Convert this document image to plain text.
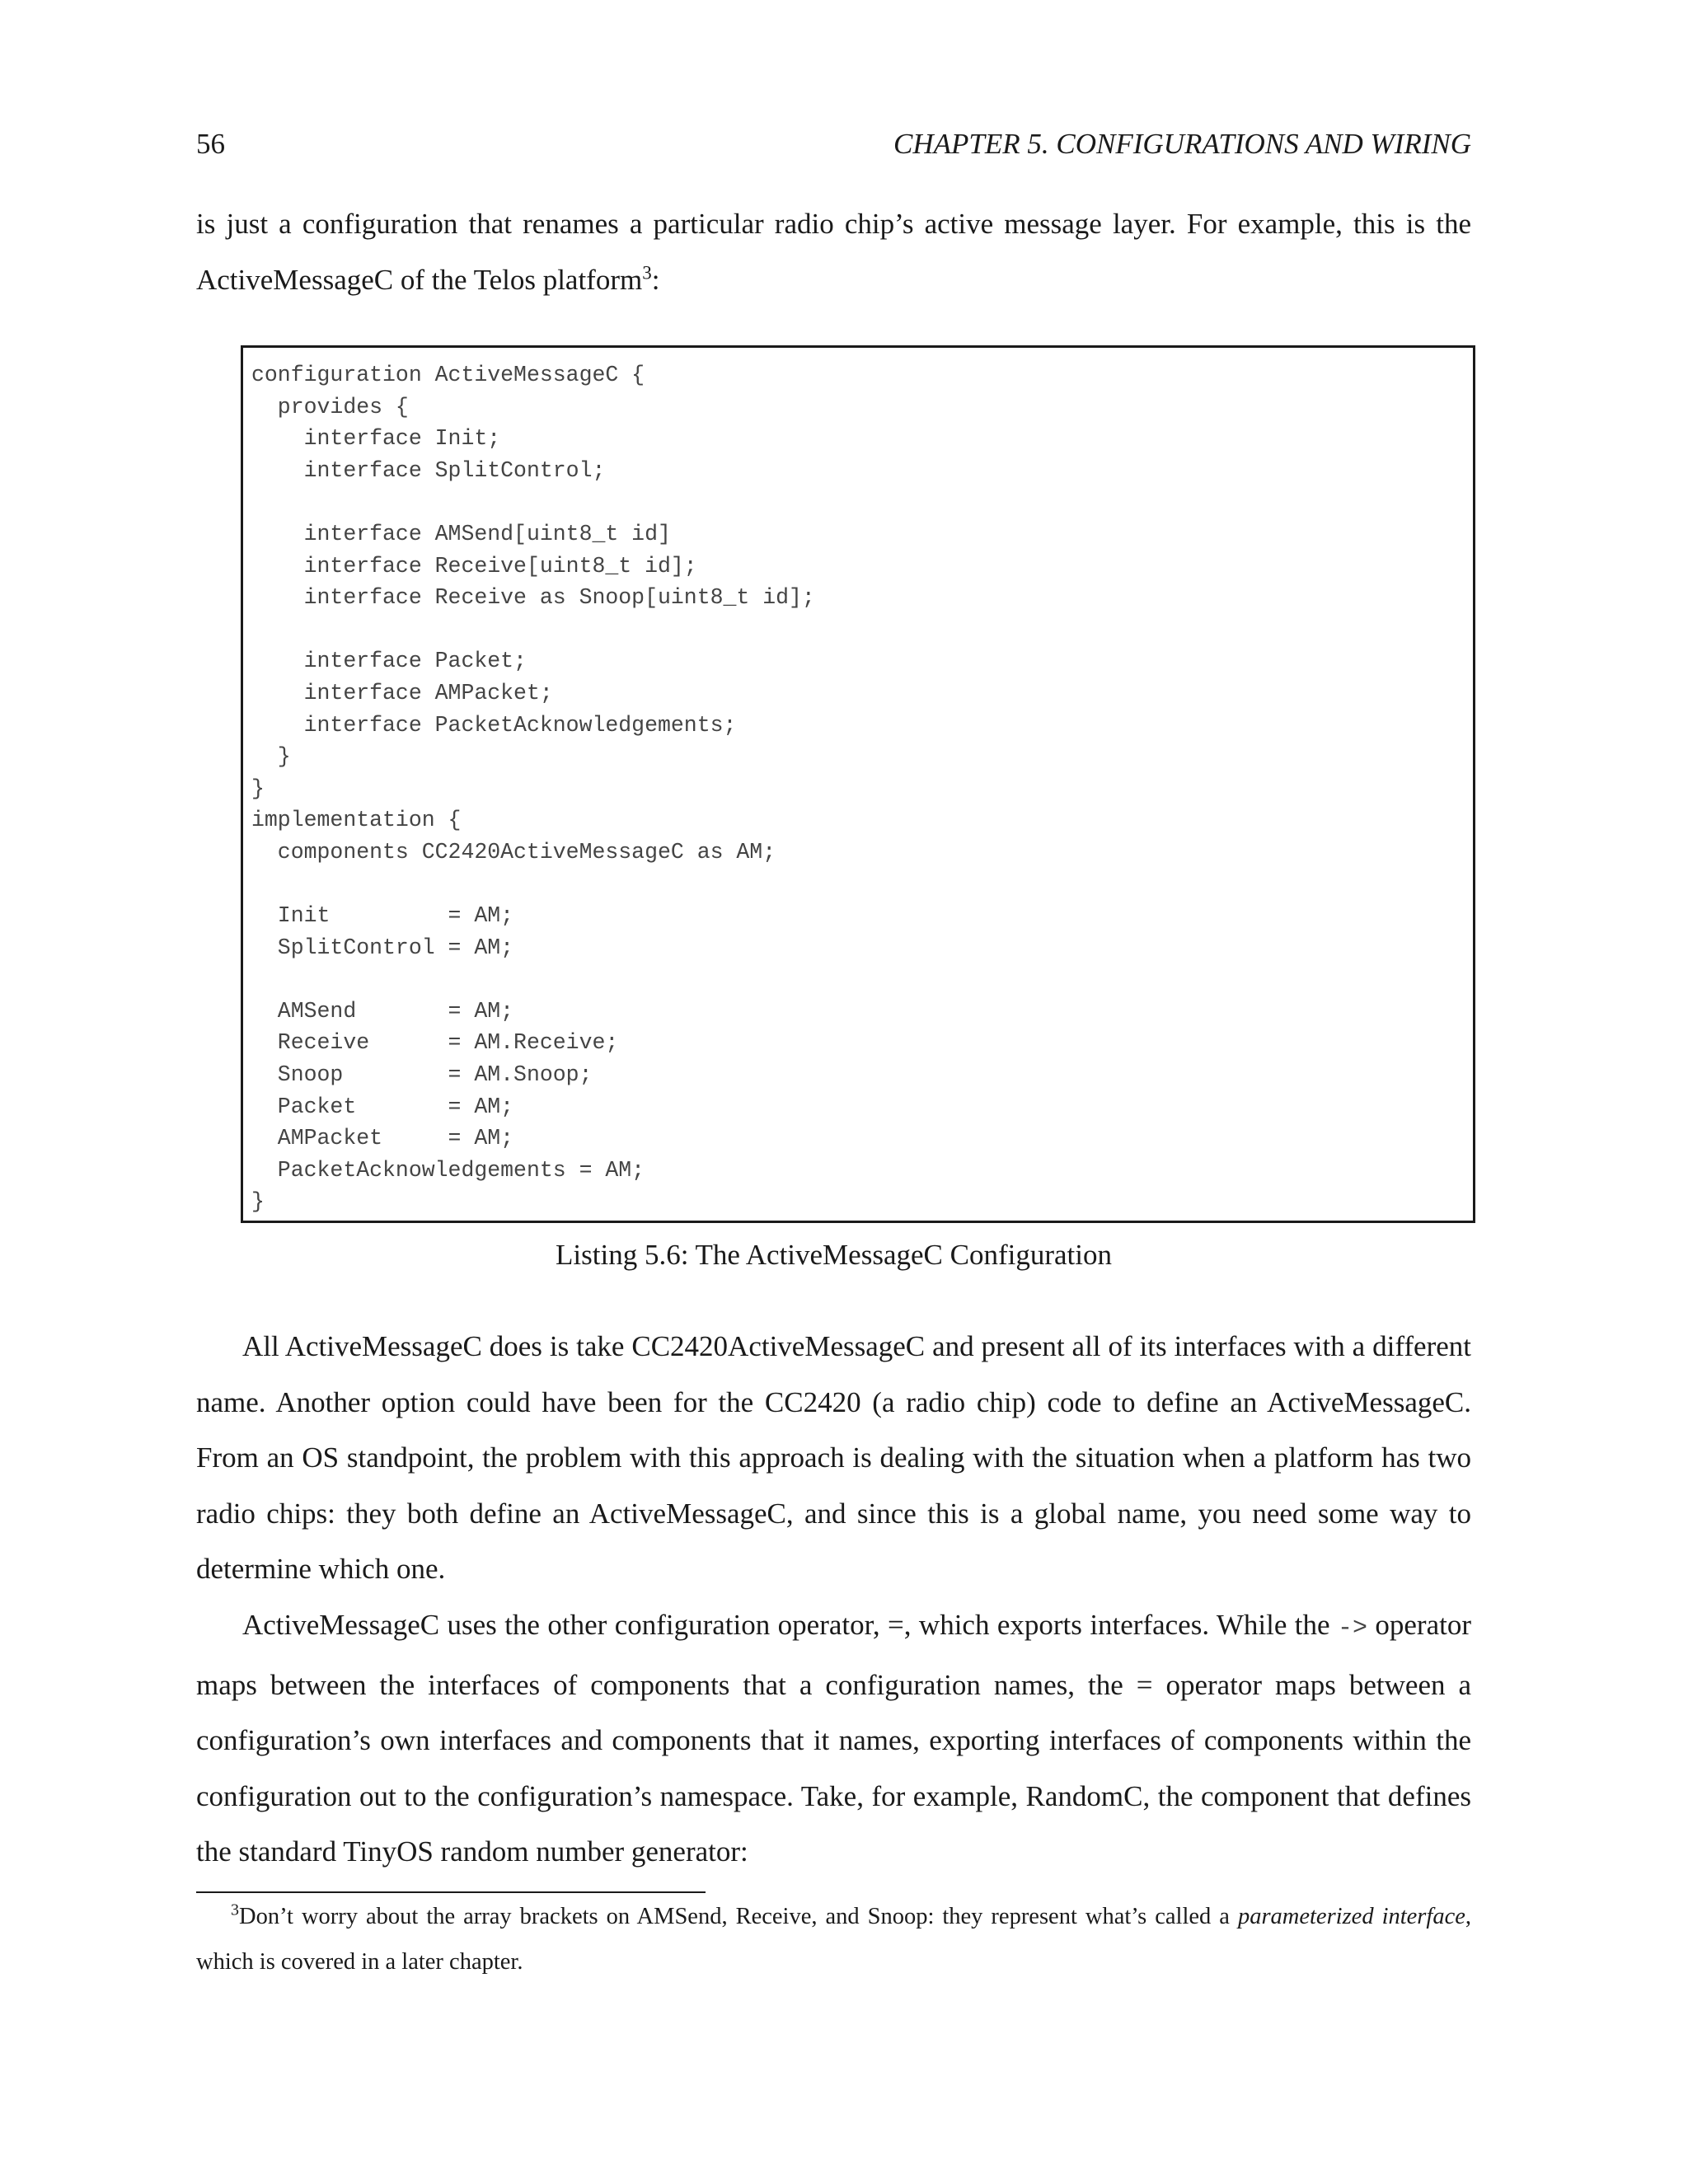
56	CHAPTER 5. CONFIGURATIONS AND WIRING

is just a configuration that renames a particular radio chip’s active message layer. For example, this is the ActiveMessageC of the Telos platform$^3$:

configuration ActiveMessageC {
provides {
interface Init;
interface SplitControl;

interface AMSend[uint8_t id]
interface Receive[uint8_t id];
interface Receive as Snoop[uint8_t id];

interface Packet;
interface AMPacket;
interface PacketAcknowledgements;
}
}
implementation {
components CC2420ActiveMessageC as AM;

Init         = AM;
SplitControl = AM;

AMSend       = AM;
Receive      = AM.Receive;
Snoop        = AM.Snoop;
Packet       = AM;
AMPacket     = AM;
PacketAcknowledgements = AM;
}
Listing 5.6: The ActiveMessageC Configuration

All ActiveMessageC does is take CC2420ActiveMessageC and present all of its interfaces with a different name. Another option could have been for the CC2420 (a radio chip) code to define an ActiveMessageC. From an OS standpoint, the problem with this approach is dealing with the situation when a platform has two radio chips: they both define an ActiveMessageC, and since this is a global name, you need some way to determine which one.

ActiveMessageC uses the other configuration operator, =, which exports interfaces. While the -> operator maps between the interfaces of components that a configuration names, the = operator maps between a configuration’s own interfaces and components that it names, exporting interfaces of components within the configuration out to the configuration’s namespace. Take, for example, RandomC, the component that defines the standard TinyOS random number generator:

$^3$Don’t worry about the array brackets on AMSend, Receive, and Snoop: they represent what’s called a parameterized interface, which is covered in a later chapter.
